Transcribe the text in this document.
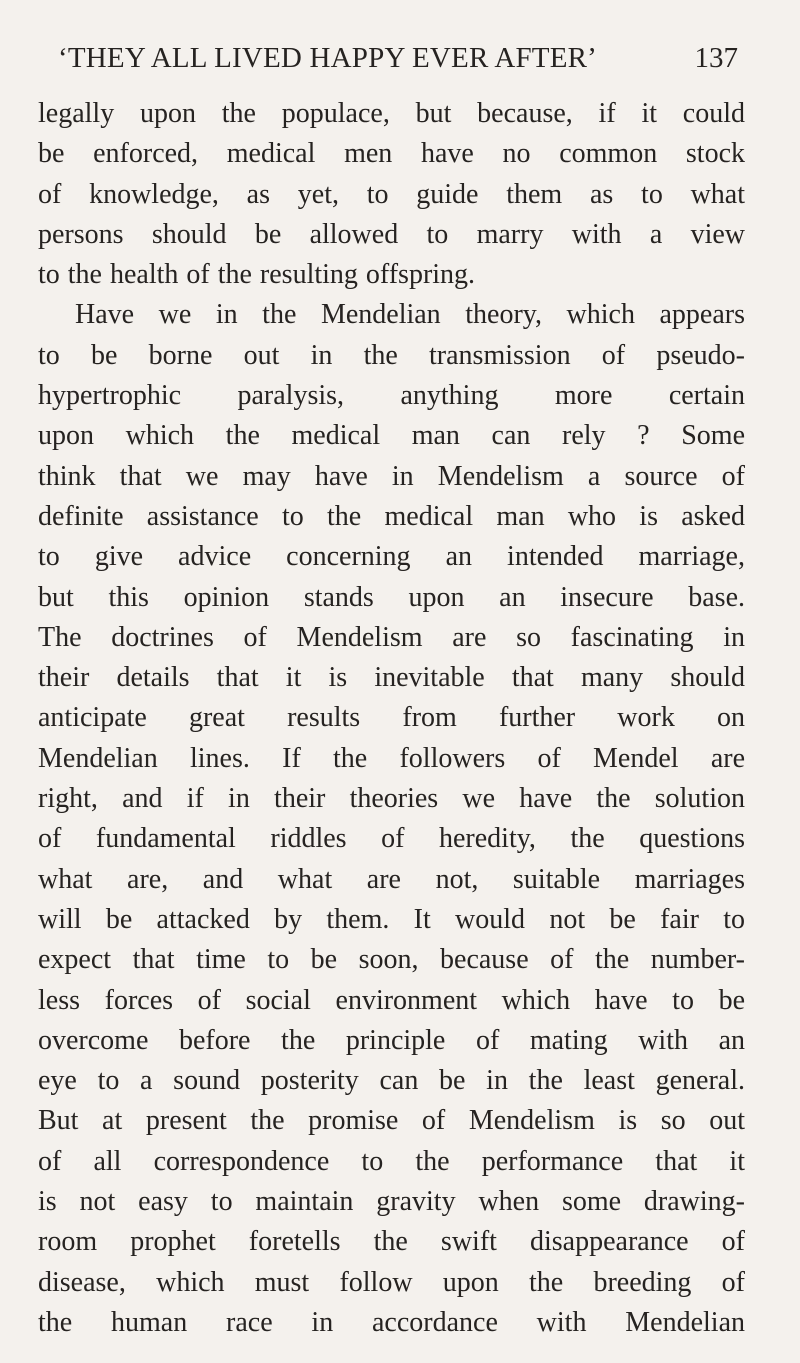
‘THEY ALL LIVED HAPPY EVER AFTER’	137
legally upon the populace, but because, if it could
be enforced, medical men have no common stock
of knowledge, as yet, to guide them as to what
persons should be allowed to marry with a view
to the health of the resulting offspring.
Have we in the Mendelian theory, which appears
to be borne out in the transmission of pseudo-
hypertrophic paralysis, anything more certain
upon which the medical man can rely ? Some
think that we may have in Mendelism a source of
definite assistance to the medical man who is asked
to give advice concerning an intended marriage,
but this opinion stands upon an insecure base.
The doctrines of Mendelism are so fascinating in
their details that it is inevitable that many should
anticipate great results from further work on
Mendelian lines. If the followers of Mendel are
right, and if in their theories we have the solution
of fundamental riddles of heredity, the questions
what are, and what are not, suitable marriages
will be attacked by them. It would not be fair to
expect that time to be soon, because of the number-
less forces of social environment which have to be
overcome before the principle of mating with an
eye to a sound posterity can be in the least general.
But at present the promise of Mendelism is so out
of all correspondence to the performance that it
is not easy to maintain gravity when some drawing-
room prophet foretells the swift disappearance of
disease, which must follow upon the breeding of
the human race in accordance with Mendelian
